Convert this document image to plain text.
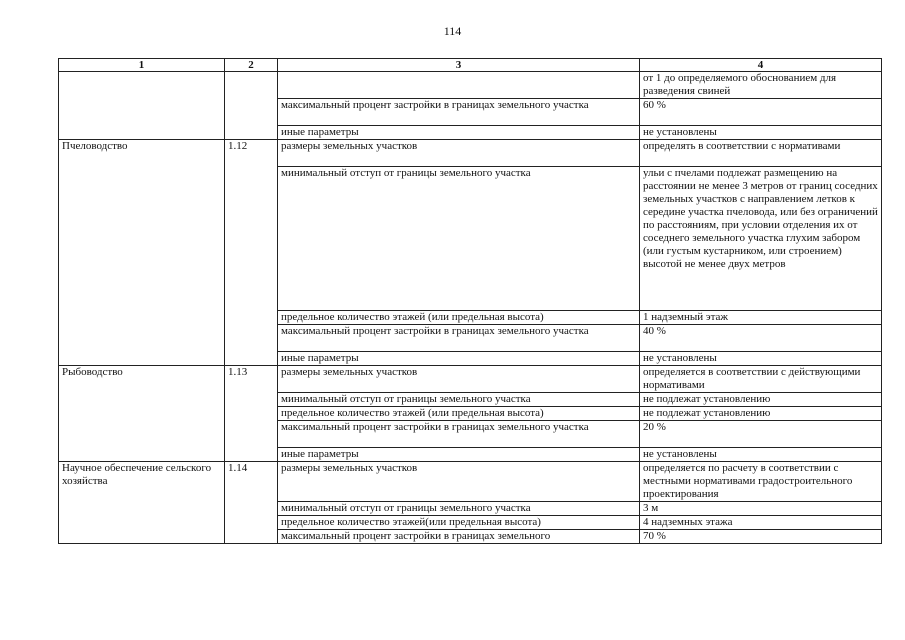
114
1	2	3	4
			от 1 до определяемого обоснованием для разведения свиней
		максимальный процент застройки в границах земельного участка	60 %
		иные параметры	не установлены
Пчеловодство	1.12	размеры земельных участков	определять в соответствии с нормативами
		минимальный отступ от границы земельного участка	ульи с пчелами подлежат размещению на расстоянии не менее 3 метров от границ соседних земельных участков с направлением летков к середине участка пчеловода, или без ограничений по расстояниям, при условии отделения их от соседнего земельного участка глухим забором (или густым кустарником, или строением) высотой не менее двух метров
		предельное количество этажей (или предельная высота)	1 надземный этаж
		максимальный процент застройки в границах земельного участка	40 %
		иные параметры	не установлены
Рыбоводство	1.13	размеры земельных участков	определяется в соответствии с действующими нормативами
		минимальный отступ от границы земельного участка	не подлежат установлению
		предельное количество этажей (или предельная высота)	не подлежат установлению
		максимальный процент застройки в границах земельного участка	20 %
		иные параметры	не установлены
Научное обеспечение сельского хозяйства	1.14	размеры земельных участков	определяется по расчету в соответствии с местными нормативами градостроительного проектирования
		минимальный отступ от границы земельного участка	3 м
		предельное количество этажей(или предельная высота)	4 надземных этажа
		максимальный процент застройки в границах земельного	70 %
